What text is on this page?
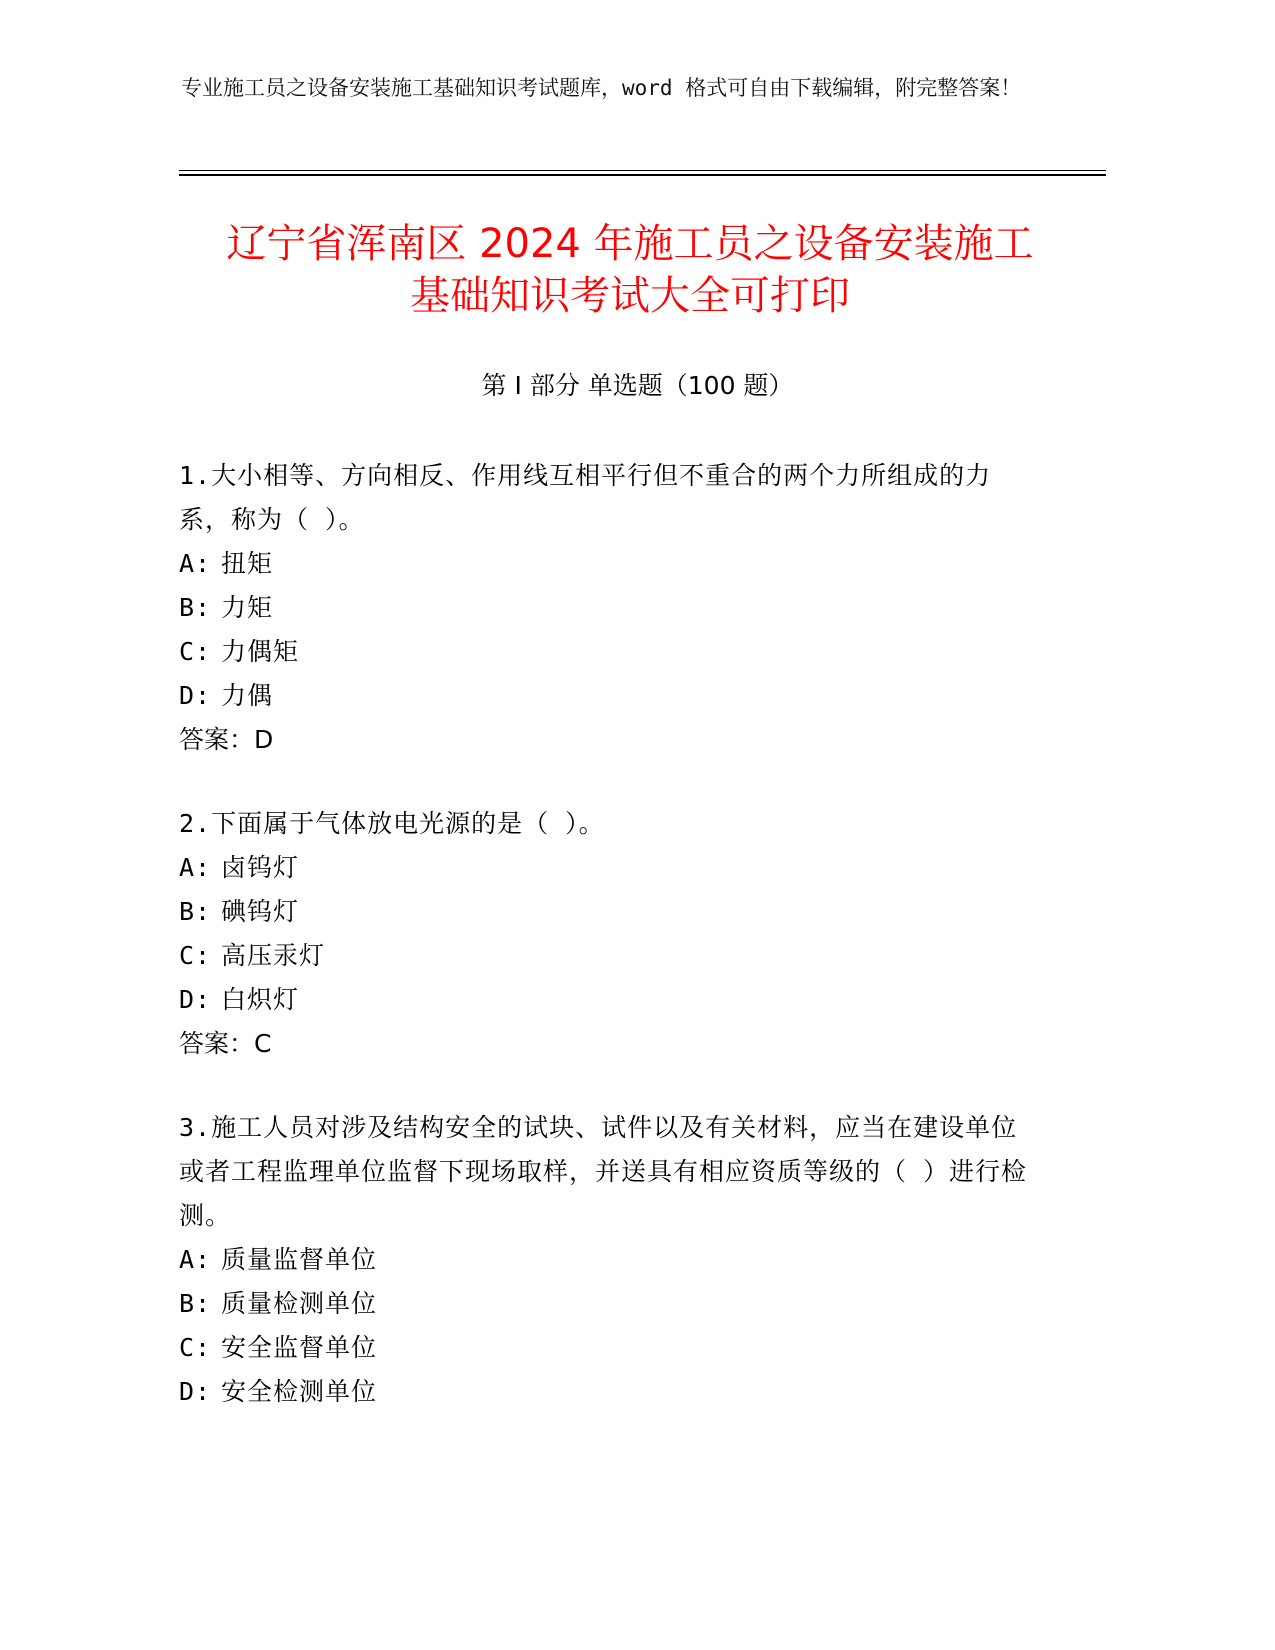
专业施工员之设备安装施工基础知识考试题库，word 格式可自由下载编辑，附完整答案！

辽宁省浑南区 2024 年施工员之设备安装施工
基础知识考试大全可打印
第 I 部分 单选题（100 题）

1.大小相等、方向相反、作用线互相平行但不重合的两个力所组成的力系，称为（ ）。

A: 扭矩

B: 力矩

C: 力偶矩

D: 力偶

答案：D

2.下面属于气体放电光源的是（ ）。

A: 卤钨灯

B: 碘钨灯

C: 高压汞灯

D: 白炽灯

答案：C

3.施工人员对涉及结构安全的试块、试件以及有关材料，应当在建设单位或者工程监理单位监督下现场取样，并送具有相应资质等级的（ ）进行检测。

A: 质量监督单位

B: 质量检测单位

C: 安全监督单位

D: 安全检测单位
